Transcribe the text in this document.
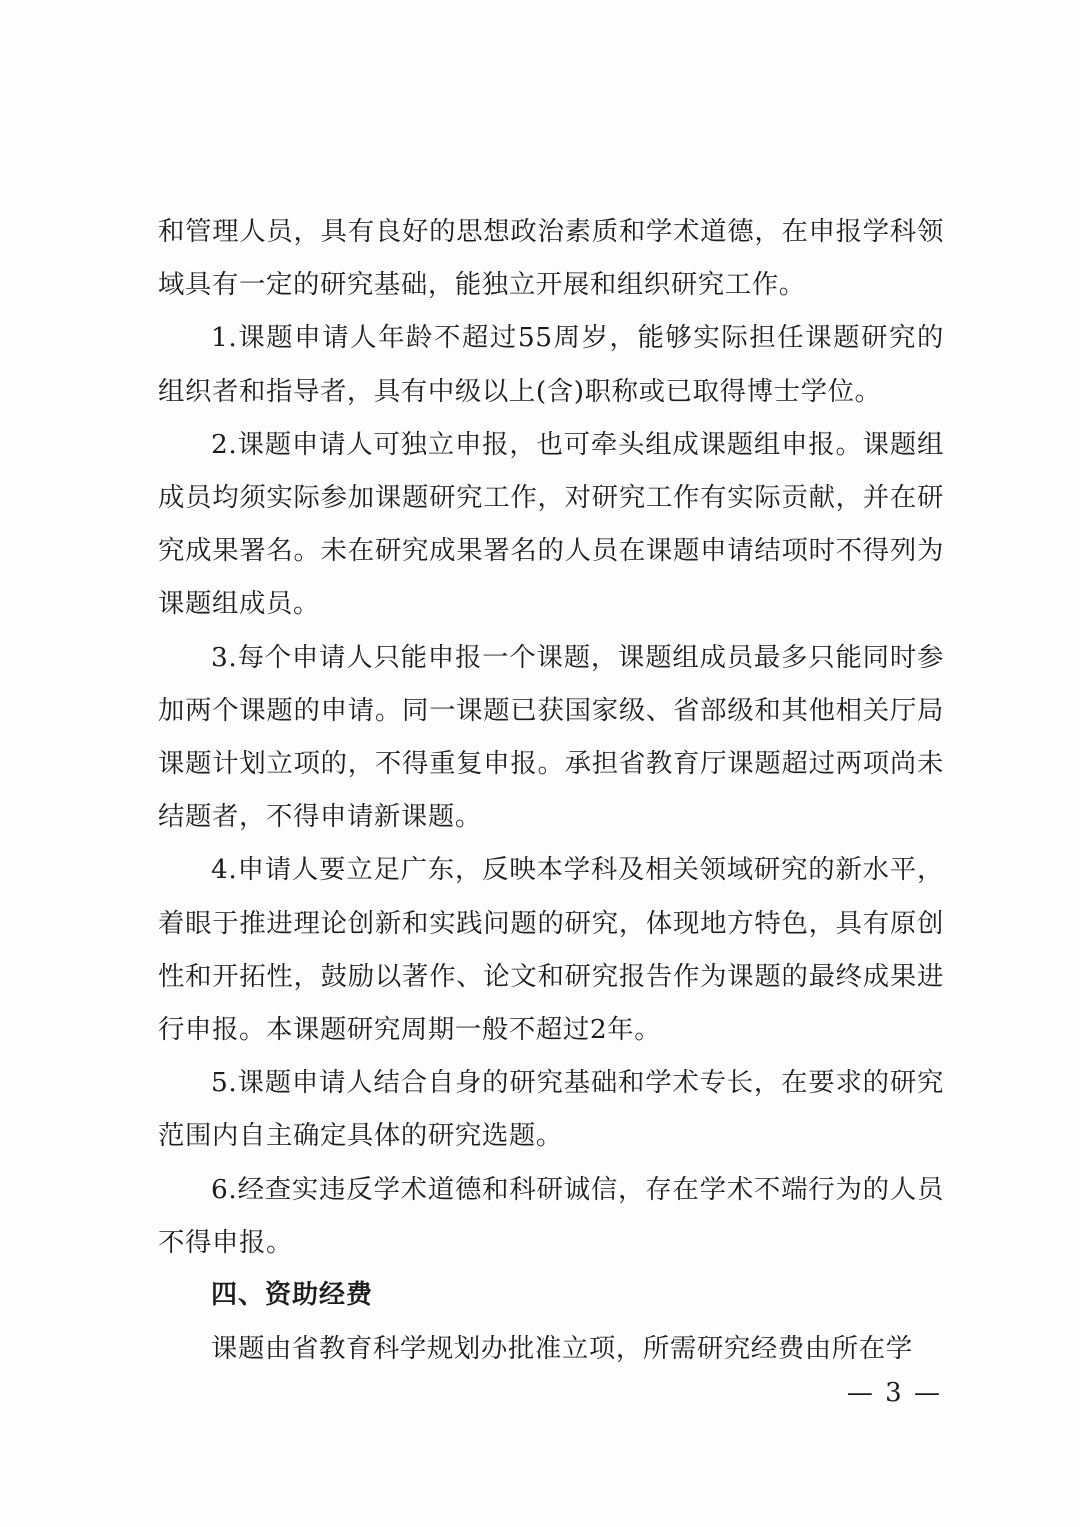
和管理人员，具有良好的思想政治素质和学术道德，在申报学科领域具有一定的研究基础，能独立开展和组织研究工作。

1.课题申请人年龄不超过55周岁，能够实际担任课题研究的组织者和指导者，具有中级以上(含)职称或已取得博士学位。

2.课题申请人可独立申报，也可牵头组成课题组申报。课题组成员均须实际参加课题研究工作，对研究工作有实际贡献，并在研究成果署名。未在研究成果署名的人员在课题申请结项时不得列为课题组成员。

3.每个申请人只能申报一个课题，课题组成员最多只能同时参加两个课题的申请。同一课题已获国家级、省部级和其他相关厅局课题计划立项的，不得重复申报。承担省教育厅课题超过两项尚未结题者，不得申请新课题。

4.申请人要立足广东，反映本学科及相关领域研究的新水平，着眼于推进理论创新和实践问题的研究，体现地方特色，具有原创性和开拓性，鼓励以著作、论文和研究报告作为课题的最终成果进行申报。本课题研究周期一般不超过2年。

5.课题申请人结合自身的研究基础和学术专长，在要求的研究范围内自主确定具体的研究选题。

6.经查实违反学术道德和科研诚信，存在学术不端行为的人员不得申报。

四、资助经费

课题由省教育科学规划办批准立项，所需研究经费由所在学

— 3 —
